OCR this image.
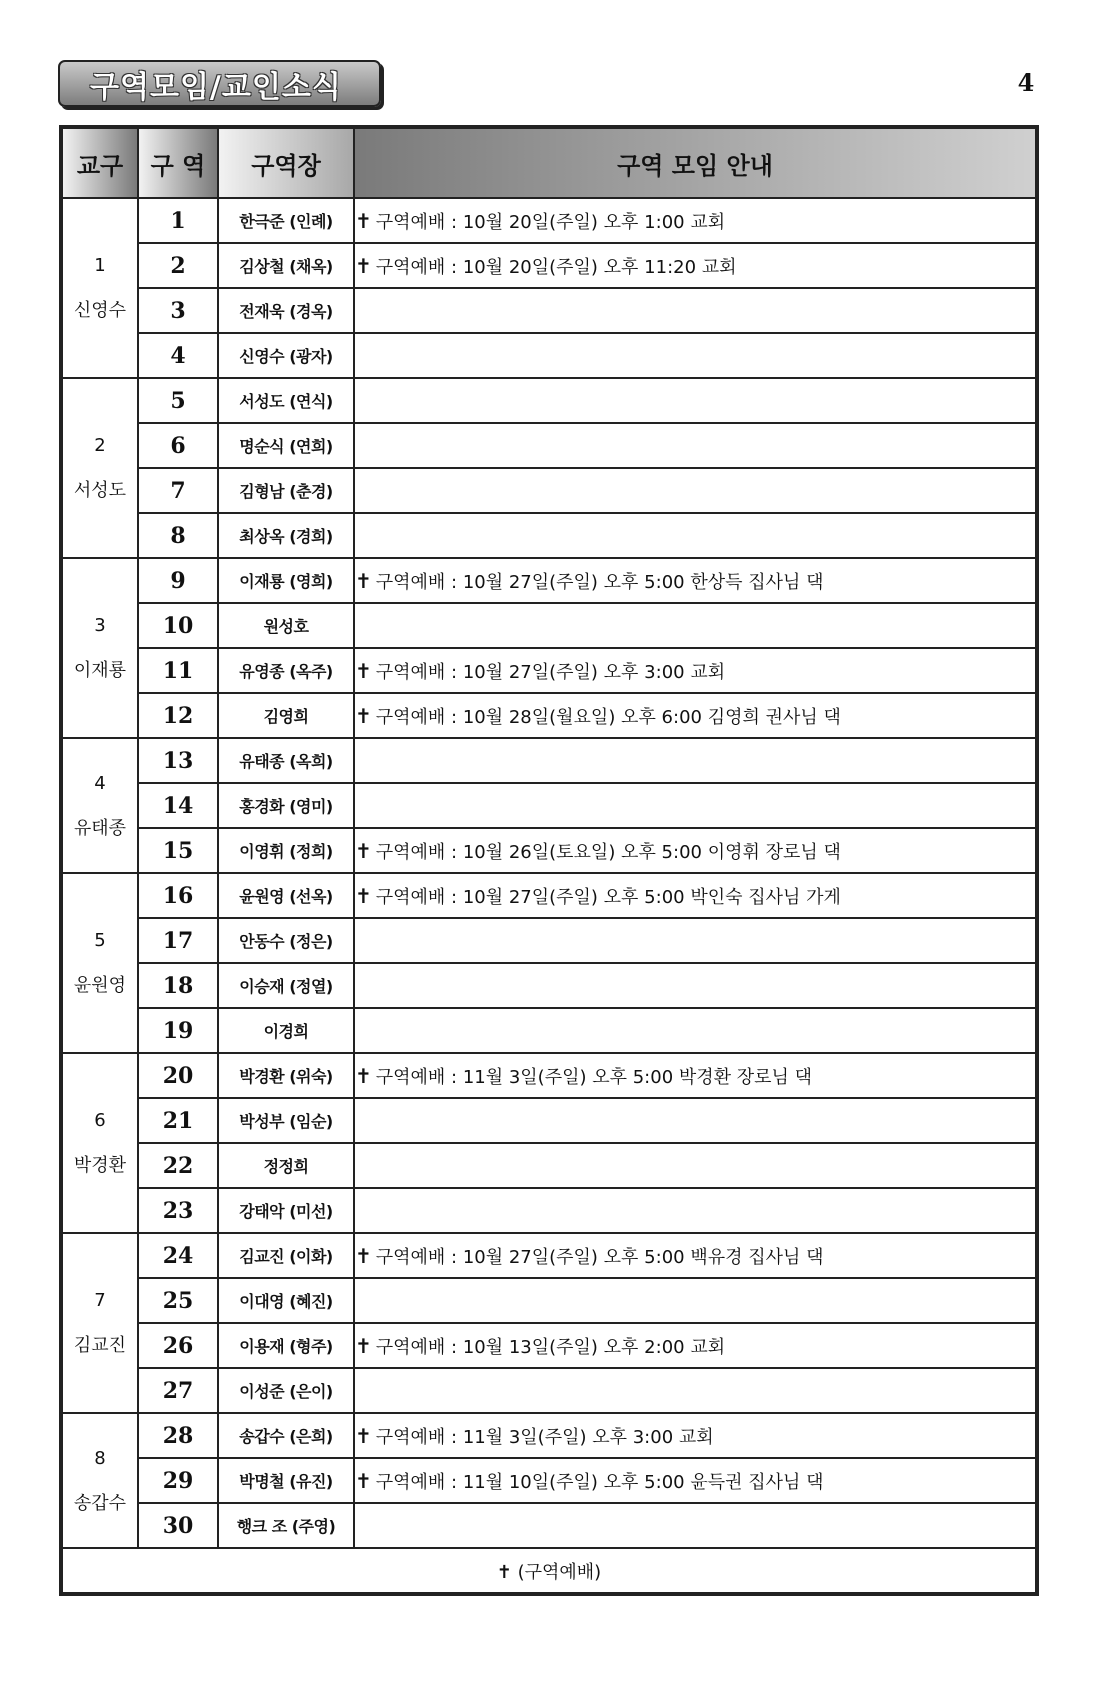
구역모임/교인소식	4
교구	구 역	구역장	구역 모임 안내

1
신영수	1	한극준 (인례)	✝ 구역예배 : 10월 20일(주일) 오후 1:00 교회
	2	김상철 (채옥)	✝ 구역예배 : 10월 20일(주일) 오후 11:20 교회
	3	전재욱 (경옥)	
	4	신영수 (광자)	

2
서성도	5	서성도 (연식)	
	6	명순식 (연희)	
	7	김형남 (춘경)	
	8	최상옥 (경희)	

3
이재룡	9	이재룡 (영희)	✝ 구역예배 : 10월 27일(주일) 오후 5:00 한상득 집사님 댁
	10	원성호	
	11	유영종 (옥주)	✝ 구역예배 : 10월 27일(주일) 오후 3:00 교회
	12	김영희	✝ 구역예배 : 10월 28일(월요일) 오후 6:00 김영희 권사님 댁

4
유태종	13	유태종 (옥희)	
	14	홍경화 (영미)	
	15	이영휘 (정희)	✝ 구역예배 : 10월 26일(토요일) 오후 5:00 이영휘 장로님 댁

5
윤원영	16	윤원영 (선옥)	✝ 구역예배 : 10월 27일(주일) 오후 5:00 박인숙 집사님 가게
	17	안동수 (정은)	
	18	이승재 (정열)	
	19	이경희	

6
박경환	20	박경환 (위숙)	✝ 구역예배 : 11월 3일(주일) 오후 5:00 박경환 장로님 댁
	21	박성부 (임순)	
	22	정정희	
	23	강태악 (미선)	

7
김교진	24	김교진 (이화)	✝ 구역예배 : 10월 27일(주일) 오후 5:00 백유경 집사님 댁
	25	이대영 (혜진)	
	26	이용재 (형주)	✝ 구역예배 : 10월 13일(주일) 오후 2:00 교회
	27	이성준 (은이)	

8
송갑수	28	송갑수 (은희)	✝ 구역예배 : 11월 3일(주일) 오후 3:00 교회
	29	박명철 (유진)	✝ 구역예배 : 11월 10일(주일) 오후 5:00 윤득권 집사님 댁
	30	행크 조 (주영)	
✝ (구역예배)			
